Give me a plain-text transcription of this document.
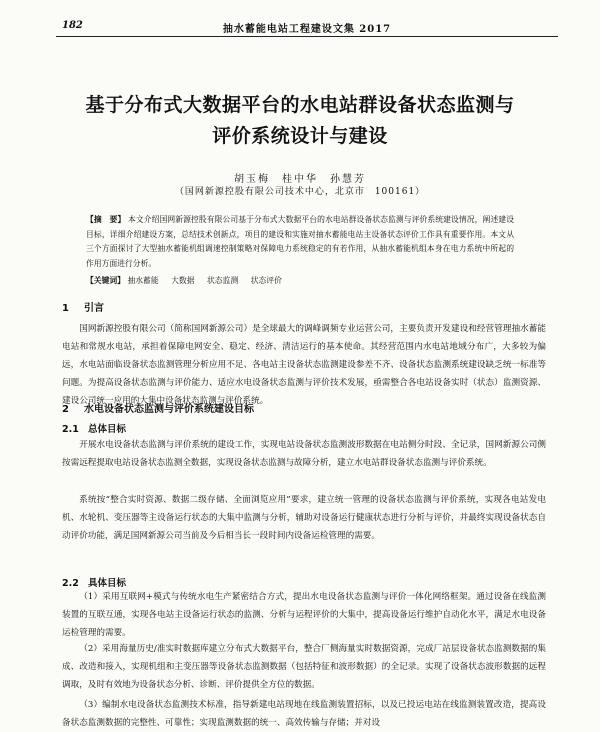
182	抽水蓄能电站工程建设文集 2017
基于分布式大数据平台的水电站群设备状态监测与
评价系统设计与建设
胡玉梅　桂中华　孙慧芳
（国网新源控股有限公司技术中心，北京市　100161）
【摘　要】 本文介绍国网新源控股有限公司基于分布式大数据平台的水电站群设备状态监测与评价系统建设情况，阐述建设目标，详细介绍建设方案，总结技术创新点，项目的建设和实施对抽水蓄能电站主设备状态评价工作具有重要作用。本文从三个方面探讨了大型抽水蓄能机组调速控制策略对保障电力系统稳定的有若作用，从抽水蓄能机组本身在电力系统中所起的作用方面进行分析。
【关键词】 抽水蓄能 大数据 状态监测 状态评价
1 引言
国网新源控股有限公司（简称国网新源公司）是全球最大的调峰调频专业运营公司，主要负责开发建设和经营管理抽水蓄能电站和常规水电站，承担着保障电网安全、稳定、经济、清洁运行的基本使命。其经营范围内水电站地域分布广，大多较为偏远，水电站面临设备状态监测管理分析应用不足、各电站主设备状态监测建设参差不齐、设备状态监测系统建设缺乏统一标准等问题。为提高设备状态监测与评价能力、适应水电设备状态监测与评价技术发展，亟需整合各电站设备实时（状态）监测资源、建设公司统一应用的大集中设备状态监测与评价系统。
2 水电设备状态监测与评价系统建设目标
2.1 总体目标
开展水电设备状态监测与评价系统的建设工作，实现电站设备状态监测波形数据在电站侧分时段、全记录，国网新源公司侧按需远程提取电站设备状态监测全数据，实现设备状态监测与故障分析，建立水电站群设备状态监测与评价系统。
系统按“整合实时资源、数据二级存储、全面浏览应用”要求，建立统一管理的设备状态监测与评价系统，实现各电站发电机、水轮机、变压器等主设备运行状态的大集中监测与分析，辅助对设备运行健康状态进行分析与评价，并最终实现设备状态自动评价功能，满足国网新源公司当前及今后相当长一段时间内设备运检管理的需要。
2.2 具体目标
（1）采用互联网+模式与传统水电生产紧密结合方式，提出水电设备状态监测与评价一体化网络框架。通过设备在线监测装置的互联互通，实现各电站主设备运行状态的监测、分析与运程评价的大集中，提高设备运行维护自动化水平，满足水电设备运检管理的需要。
（2）采用海量历史/准实时数据库建立分布式大数据平台，整合厂侧海量实时数据资源，完成厂站层设备状态监测数据的集成、改造和接入，实现机组和主变压器等设备状态监测数据（包括特征和波形数据）的全记录。实现了设备状态波形数据的远程调取，及时有效地为设备状态分析、诊断、评价提供全方位的数据。
（3）编制水电设备状态监测技术标准，指导新建电站现地在线监测装置招标，以及已投运电站在线监测装置改造，提高设备状态监测数据的完整性、可靠性；实现监测数据的统一、高效传输与存储；并对设
